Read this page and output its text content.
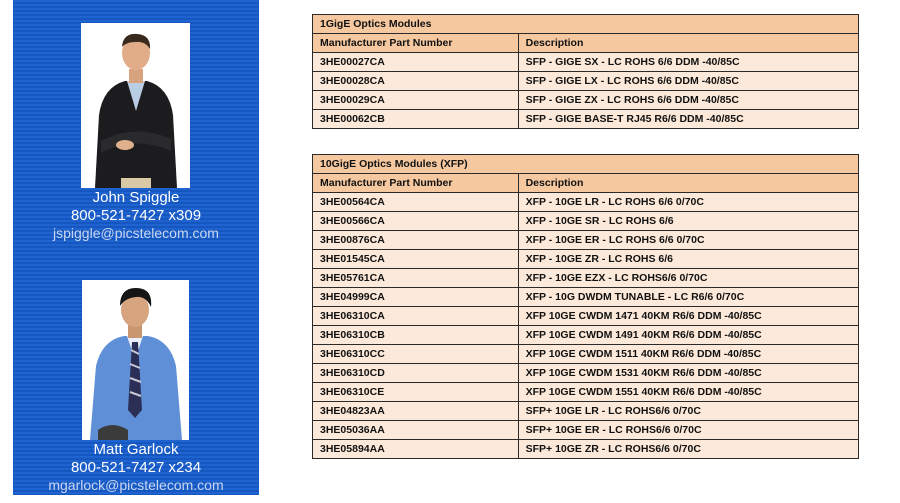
John Spiggle
800-521-7427 x309
jspiggle@picstelecom.com
Matt Garlock
800-521-7427 x234
mgarlock@picstelecom.com
1GigE Optics Modules	
Manufacturer Part Number	Description
3HE00027CA	SFP - GIGE SX - LC ROHS 6/6 DDM -40/85C
3HE00028CA	SFP - GIGE LX - LC ROHS 6/6 DDM -40/85C
3HE00029CA	SFP - GIGE ZX - LC ROHS 6/6 DDM -40/85C
3HE00062CB	SFP - GIGE BASE-T RJ45 R6/6 DDM -40/85C
10GigE Optics Modules (XFP)	
Manufacturer Part Number	Description
3HE00564CA	XFP - 10GE LR - LC ROHS 6/6 0/70C
3HE00566CA	XFP - 10GE SR - LC ROHS 6/6
3HE00876CA	XFP - 10GE ER - LC ROHS 6/6 0/70C
3HE01545CA	XFP - 10GE ZR - LC ROHS 6/6
3HE05761CA	XFP - 10GE EZX - LC ROHS6/6 0/70C
3HE04999CA	XFP - 10G DWDM TUNABLE - LC R6/6 0/70C
3HE06310CA	XFP 10GE CWDM 1471 40KM R6/6 DDM -40/85C
3HE06310CB	XFP 10GE CWDM 1491 40KM R6/6 DDM -40/85C
3HE06310CC	XFP 10GE CWDM 1511 40KM R6/6 DDM -40/85C
3HE06310CD	XFP 10GE CWDM 1531 40KM R6/6 DDM -40/85C
3HE06310CE	XFP 10GE CWDM 1551 40KM R6/6 DDM -40/85C
3HE04823AA	SFP+ 10GE LR - LC ROHS6/6 0/70C
3HE05036AA	SFP+ 10GE ER - LC ROHS6/6 0/70C
3HE05894AA	SFP+ 10GE ZR - LC ROHS6/6 0/70C
